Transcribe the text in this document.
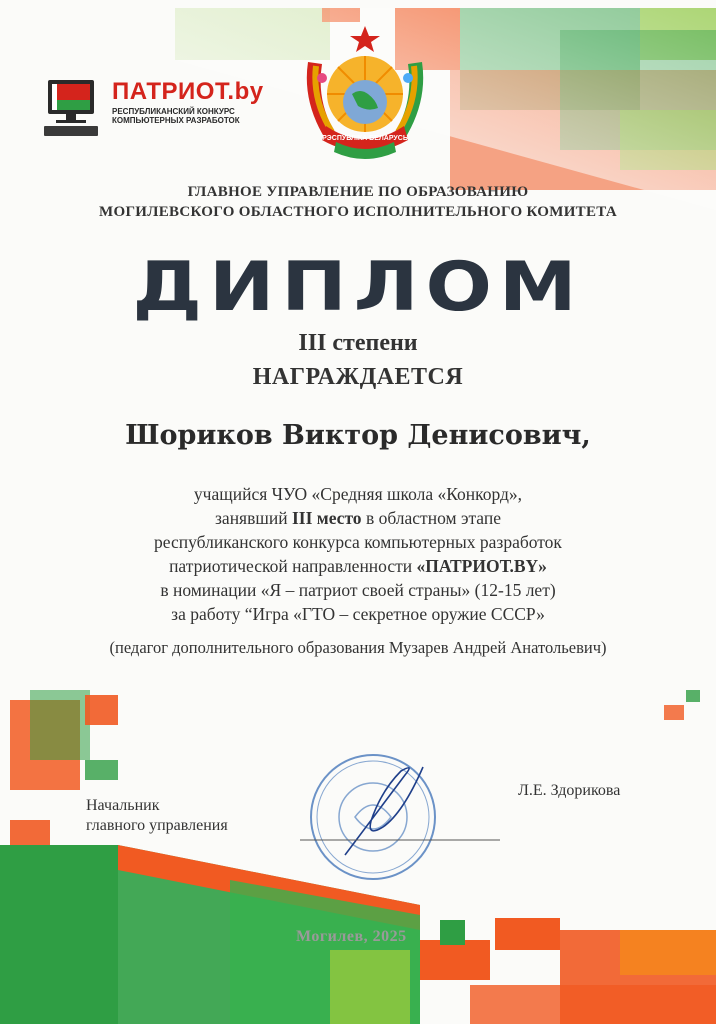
ПАТРИОТ.by
РЕСПУБЛИКАНСКИЙ КОНКУРС
КОМПЬЮТЕРНЫХ РАЗРАБОТОК
РЭСПУБЛІКА БЕЛАРУСЬ
ГЛАВНОЕ УПРАВЛЕНИЕ ПО ОБРАЗОВАНИЮ
МОГИЛЕВСКОГО ОБЛАСТНОГО ИСПОЛНИТЕЛЬНОГО КОМИТЕТА
ДИПЛОМ
III степени
НАГРАЖДАЕТСЯ
Шориков Виктор Денисович,
учащийся ЧУО «Средняя школа «Конкорд»,
занявший III место в областном этапе
республиканского конкурса компьютерных разработок
патриотической направленности «ПАТРИОТ.BY»
в номинации «Я – патриот своей страны» (12-15 лет)
за работу “Игра «ГТО – секретное оружие СССР»
(педагог дополнительного образования Музарев Андрей Анатольевич)
Начальник
главного управления
Л.Е. Здорикова
Могилев, 2025
